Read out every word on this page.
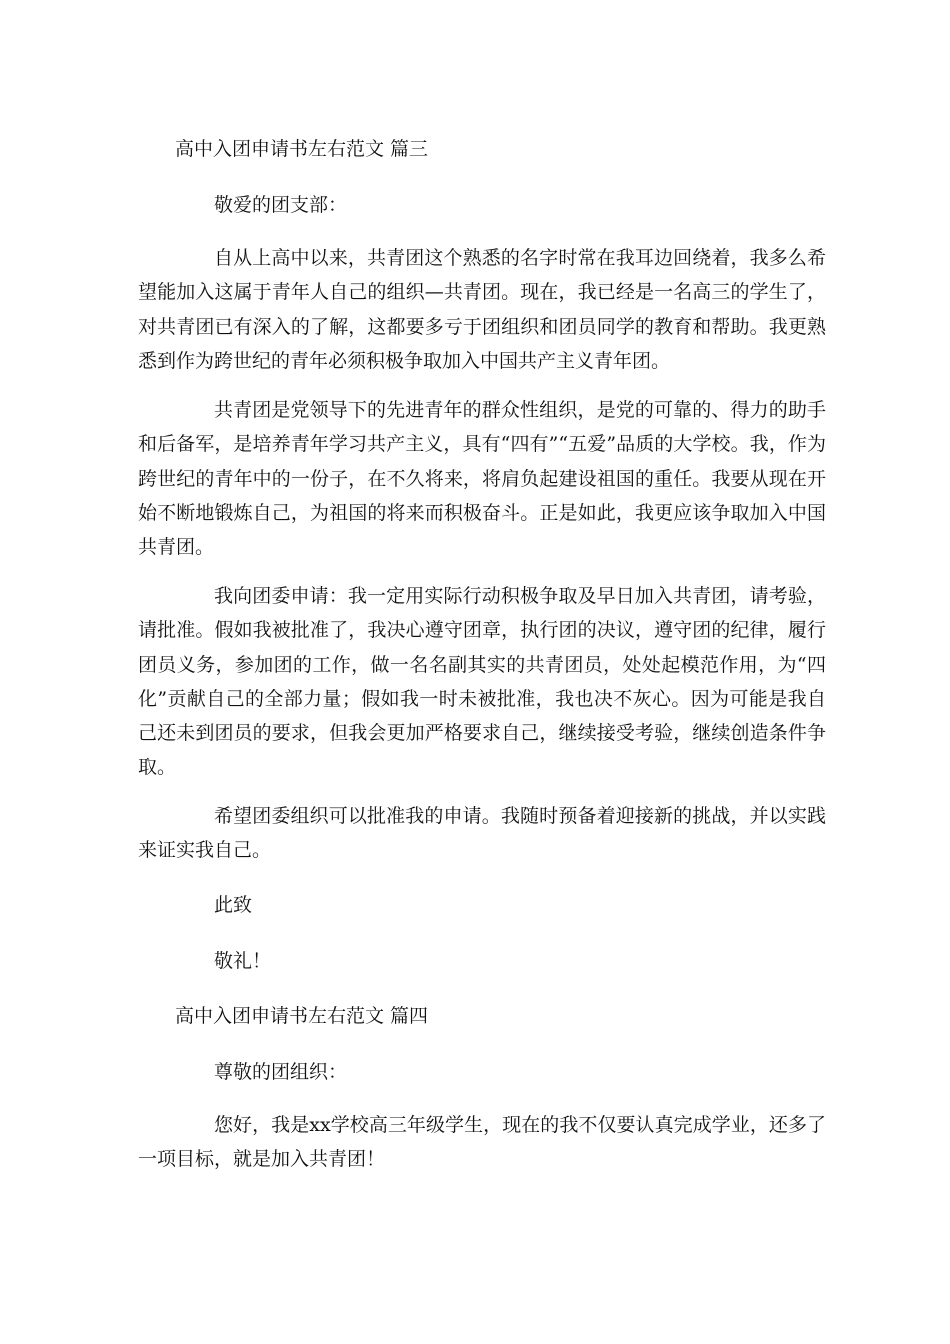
高中入团申请书左右范文 篇三
敬爱的团支部：

自从上高中以来，共青团这个熟悉的名字时常在我耳边回绕着，我多么希望能加入这属于青年人自己的组织—共青团。现在，我已经是一名高三的学生了，对共青团已有深入的了解，这都要多亏于团组织和团员同学的教育和帮助。我更熟悉到作为跨世纪的青年必须积极争取加入中国共产主义青年团。

共青团是党领导下的先进青年的群众性组织，是党的可靠的、得力的助手和后备军，是培养青年学习共产主义，具有“四有”“五爱”品质的大学校。我，作为跨世纪的青年中的一份子，在不久将来，将肩负起建设祖国的重任。我要从现在开始不断地锻炼自己，为祖国的将来而积极奋斗。正是如此，我更应该争取加入中国共青团。

我向团委申请：我一定用实际行动积极争取及早日加入共青团，请考验，请批准。假如我被批准了，我决心遵守团章，执行团的决议，遵守团的纪律，履行团员义务，参加团的工作，做一名名副其实的共青团员，处处起模范作用，为“四化”贡献自己的全部力量；假如我一时未被批准，我也决不灰心。因为可能是我自己还未到团员的要求，但我会更加严格要求自己，继续接受考验，继续创造条件争取。

希望团委组织可以批准我的申请。我随时预备着迎接新的挑战，并以实践来证实我自己。

此致
敬礼！
高中入团申请书左右范文 篇四
尊敬的团组织：

您好，我是xx学校高三年级学生，现在的我不仅要认真完成学业，还多了一项目标，就是加入共青团！
